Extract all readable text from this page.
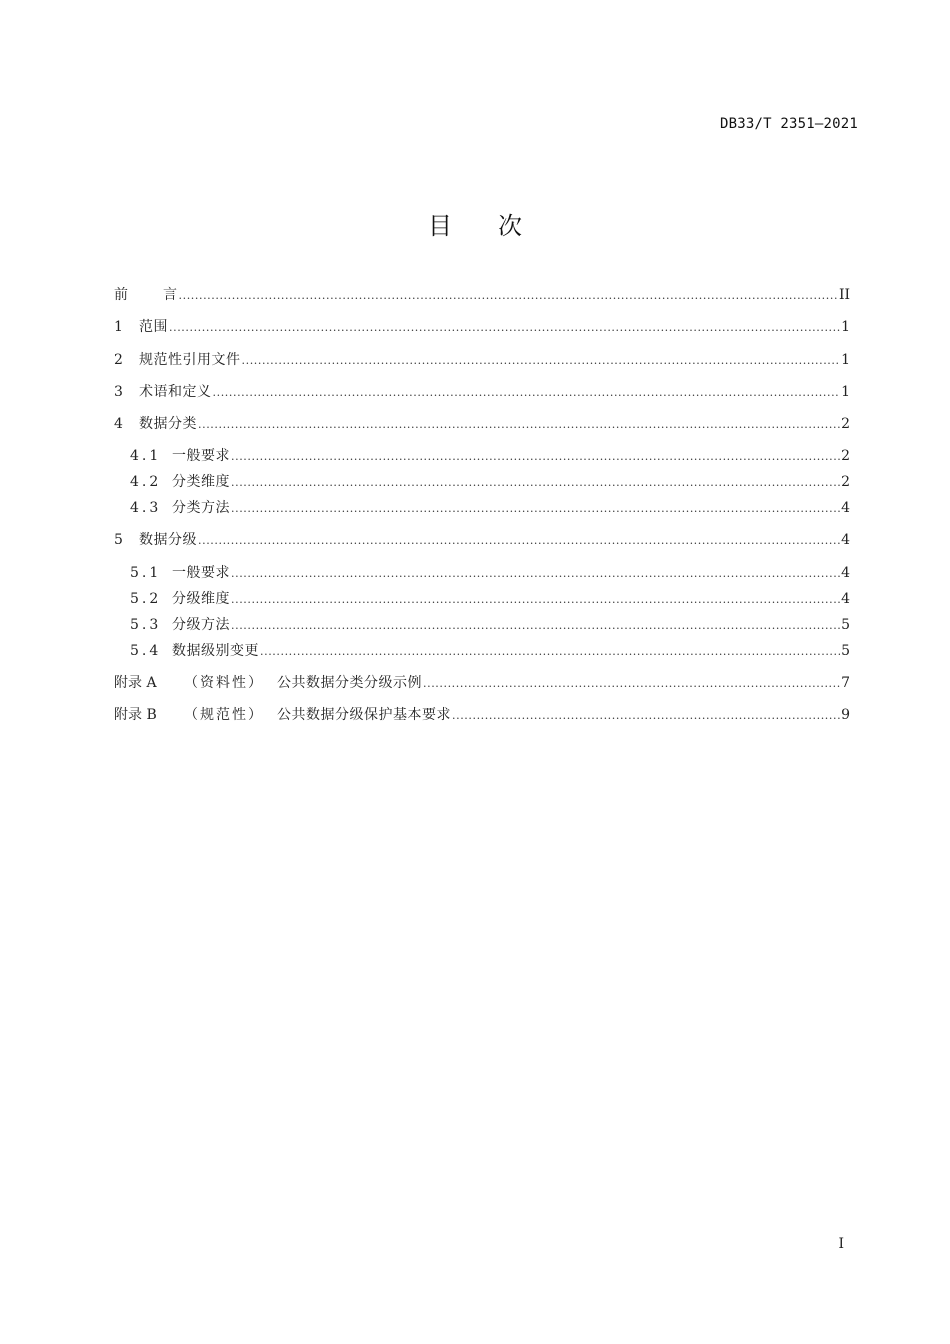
DB33/T 2351—2021
目 次
前 言 .....	II
1	范围 .....	1
2	规范性引用文件 .....	1
3	术语和定义 .....	1
4	数据分类 .....	2
4.1 一般要求 .....	2
4.2 分类维度 .....	2
4.3 分类方法 .....	4
5	数据分级 .....	4
5.1 一般要求 .....	4
5.2 分级维度 .....	4
5.3 分级方法 .....	5
5.4 数据级别变更 .....	5
附录 A	（资料性） 公共数据分类分级示例 .....	7
附录 B	（规范性） 公共数据分级保护基本要求 .....	9
I
